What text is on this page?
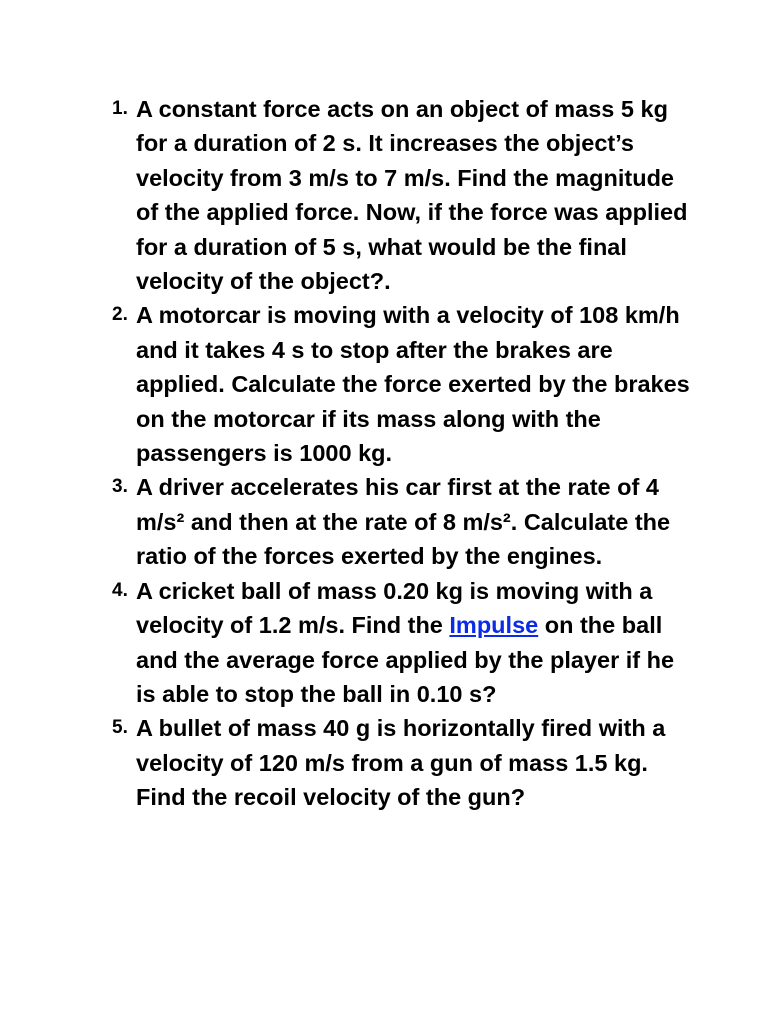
1. A constant force acts on an object of mass 5 kg for a duration of 2 s. It increases the object’s velocity from 3 m/s to 7 m/s. Find the magnitude of the applied force. Now, if the force was applied for a duration of 5 s, what would be the final velocity of the object?.
2. A motorcar is moving with a velocity of 108 km/h and it takes 4 s to stop after the brakes are applied. Calculate the force exerted by the brakes on the motorcar if its mass along with the passengers is 1000 kg.
3. A driver accelerates his car first at the rate of 4 m/s² and then at the rate of 8 m/s². Calculate the ratio of the forces exerted by the engines.
4. A cricket ball of mass 0.20 kg is moving with a velocity of 1.2 m/s. Find the Impulse on the ball and the average force applied by the player if he is able to stop the ball in 0.10 s?
5. A bullet of mass 40 g is horizontally fired with a velocity of 120 m/s from a gun of mass 1.5 kg. Find the recoil velocity of the gun?
